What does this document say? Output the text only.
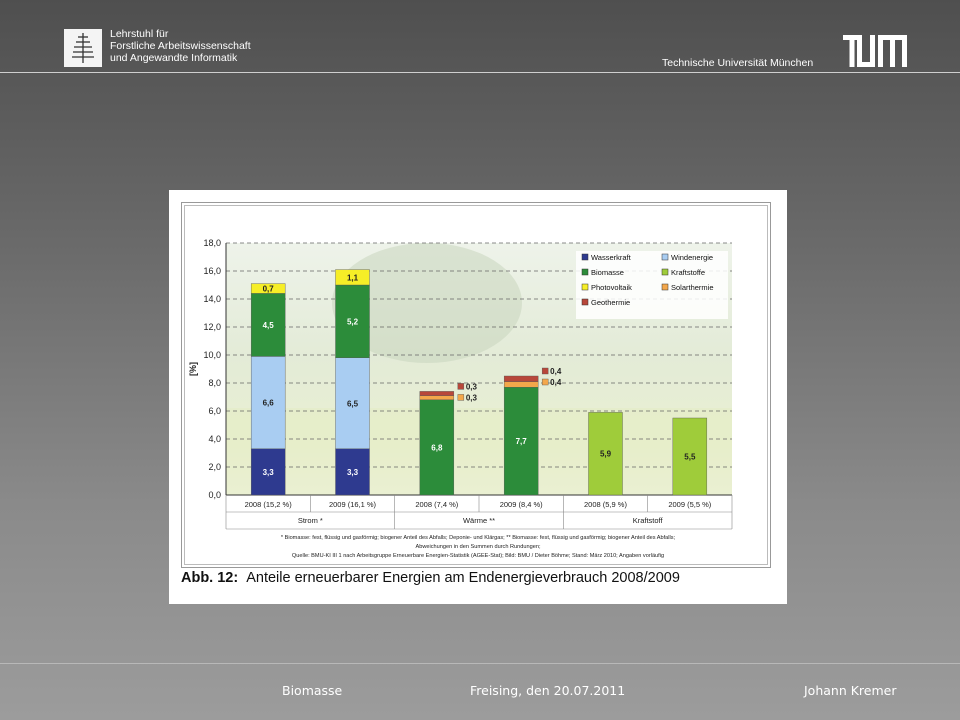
Lehrstuhl für
Forstliche Arbeitswissenschaft
und Angewandte Informatik	Technische Universität München
0,0
2,0
4,0
6,0
8,0
10,0
12,0
14,0
16,0
18,0
3,3
6,6
4,5
0,7
3,3
6,5
5,2
1,1
6,8
0,3
0,3
7,7
0,4
0,4
5,9	5,5
2008 (15,2 %)	2009 (16,1 %)	2008 (7,4 %)	2009 (8,4 %)	2008 (5,9 %)	2009 (5,5 %)
Strom *	Wärme **	Kraftstoff
Wasserkraft	Windenergie
Biomasse	Kraftstoffe
Photovoltaik	Solarthermie
Geothermie
[%]
* Biomasse: fest, flüssig und gasförmig; biogener Anteil des Abfalls; Deponie- und Klärgas; ** Biomasse: fest, flüssig und gasförmig; biogener Anteil des Abfalls;
Abweichungen in den Summen durch Rundungen;
Quelle: BMU-KI III 1 nach Arbeitsgruppe Erneuerbare Energien-Statistik (AGEE-Stat); Bild: BMU / Dieter Böhme; Stand: März 2010; Angaben vorläufig
Abb. 12: Anteile erneuerbarer Energien am Endenergieverbrauch 2008/2009
Biomasse	Freising, den 20.07.2011	Johann Kremer
